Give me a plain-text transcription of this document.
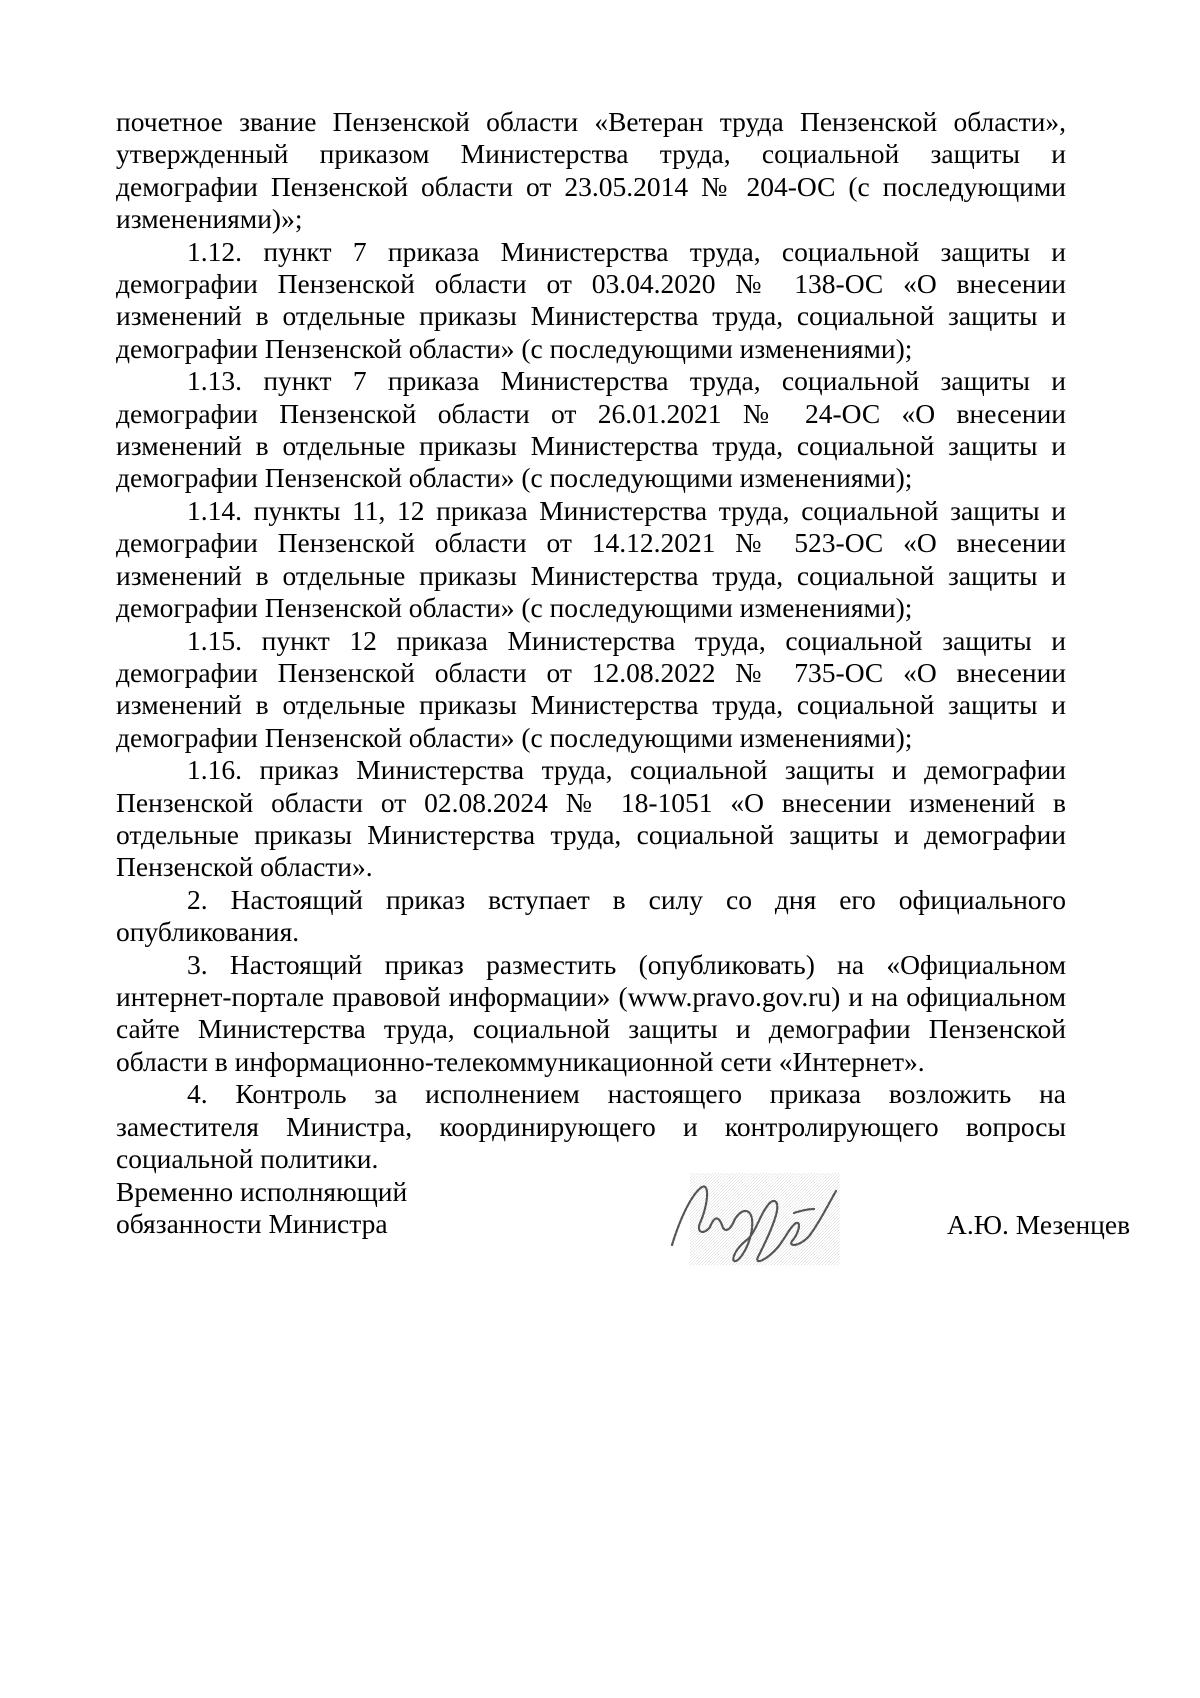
почетное звание Пензенской области «Ветеран труда Пензенской области», утвержденный приказом Министерства труда, социальной защиты и демографии Пензенской области от 23.05.2014 № 204-ОС (с последующими изменениями)»;

1.12. пункт 7 приказа Министерства труда, социальной защиты и демографии Пензенской области от 03.04.2020 № 138-ОС «О внесении изменений в отдельные приказы Министерства труда, социальной защиты и демографии Пензенской области» (с последующими изменениями);

1.13. пункт 7 приказа Министерства труда, социальной защиты и демографии Пензенской области от 26.01.2021 № 24-ОС «О внесении изменений в отдельные приказы Министерства труда, социальной защиты и демографии Пензенской области» (с последующими изменениями);

1.14. пункты 11, 12 приказа Министерства труда, социальной защиты и демографии Пензенской области от 14.12.2021 № 523-ОС «О внесении изменений в отдельные приказы Министерства труда, социальной защиты и демографии Пензенской области» (с последующими изменениями);

1.15. пункт 12 приказа Министерства труда, социальной защиты и демографии Пензенской области от 12.08.2022 № 735-ОС «О внесении изменений в отдельные приказы Министерства труда, социальной защиты и демографии Пензенской области» (с последующими изменениями);

1.16. приказ Министерства труда, социальной защиты и демографии Пензенской области от 02.08.2024 № 18-1051 «О внесении изменений в отдельные приказы Министерства труда, социальной защиты и демографии Пензенской области».

2. Настоящий приказ вступает в силу со дня его официального опубликования.

3. Настоящий приказ разместить (опубликовать) на «Официальном интернет-портале правовой информации» (www.pravo.gov.ru) и на официальном сайте Министерства труда, социальной защиты и демографии Пензенской области в информационно-телекоммуникационной сети «Интернет».

4. Контроль за исполнением настоящего приказа возложить на заместителя Министра, координирующего и контролирующего вопросы социальной политики.

Временно исполняющий
обязанности Министра	А.Ю. Мезенцев
